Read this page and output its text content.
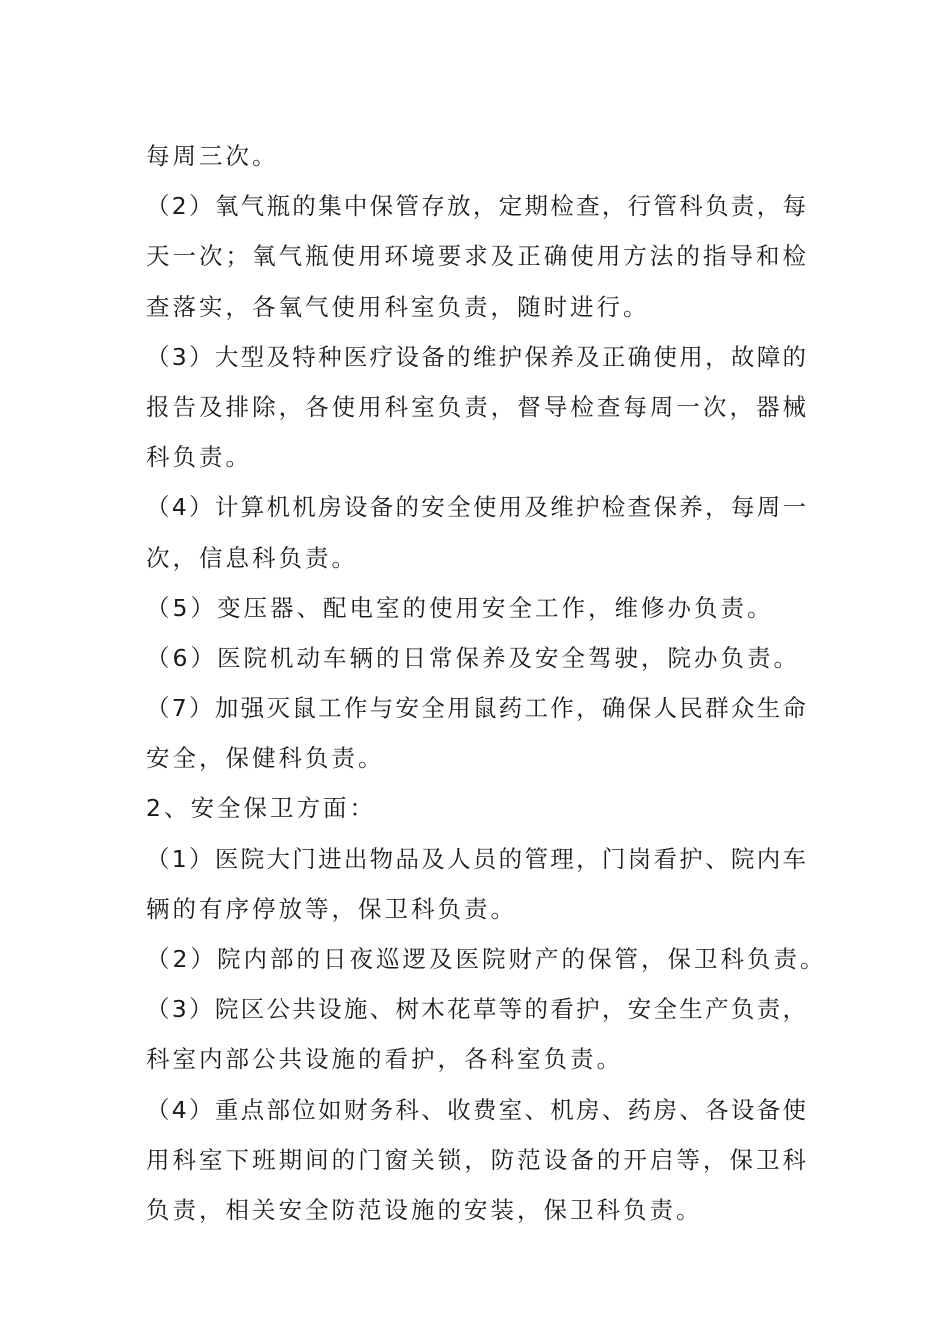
每周三次。
（2）氧气瓶的集中保管存放，定期检查，行管科负责，每
天一次；氧气瓶使用环境要求及正确使用方法的指导和检
查落实，各氧气使用科室负责，随时进行。
（3）大型及特种医疗设备的维护保养及正确使用，故障的
报告及排除，各使用科室负责，督导检查每周一次，器械
科负责。
（4）计算机机房设备的安全使用及维护检查保养，每周一
次，信息科负责。
（5）变压器、配电室的使用安全工作，维修办负责。
（6）医院机动车辆的日常保养及安全驾驶，院办负责。
（7）加强灭鼠工作与安全用鼠药工作，确保人民群众生命
安全，保健科负责。
2、安全保卫方面：
（1）医院大门进出物品及人员的管理，门岗看护、院内车
辆的有序停放等，保卫科负责。
（2）院内部的日夜巡逻及医院财产的保管，保卫科负责。
（3）院区公共设施、树木花草等的看护，安全生产负责，
科室内部公共设施的看护，各科室负责。
（4）重点部位如财务科、收费室、机房、药房、各设备使
用科室下班期间的门窗关锁，防范设备的开启等，保卫科
负责，相关安全防范设施的安装，保卫科负责。
